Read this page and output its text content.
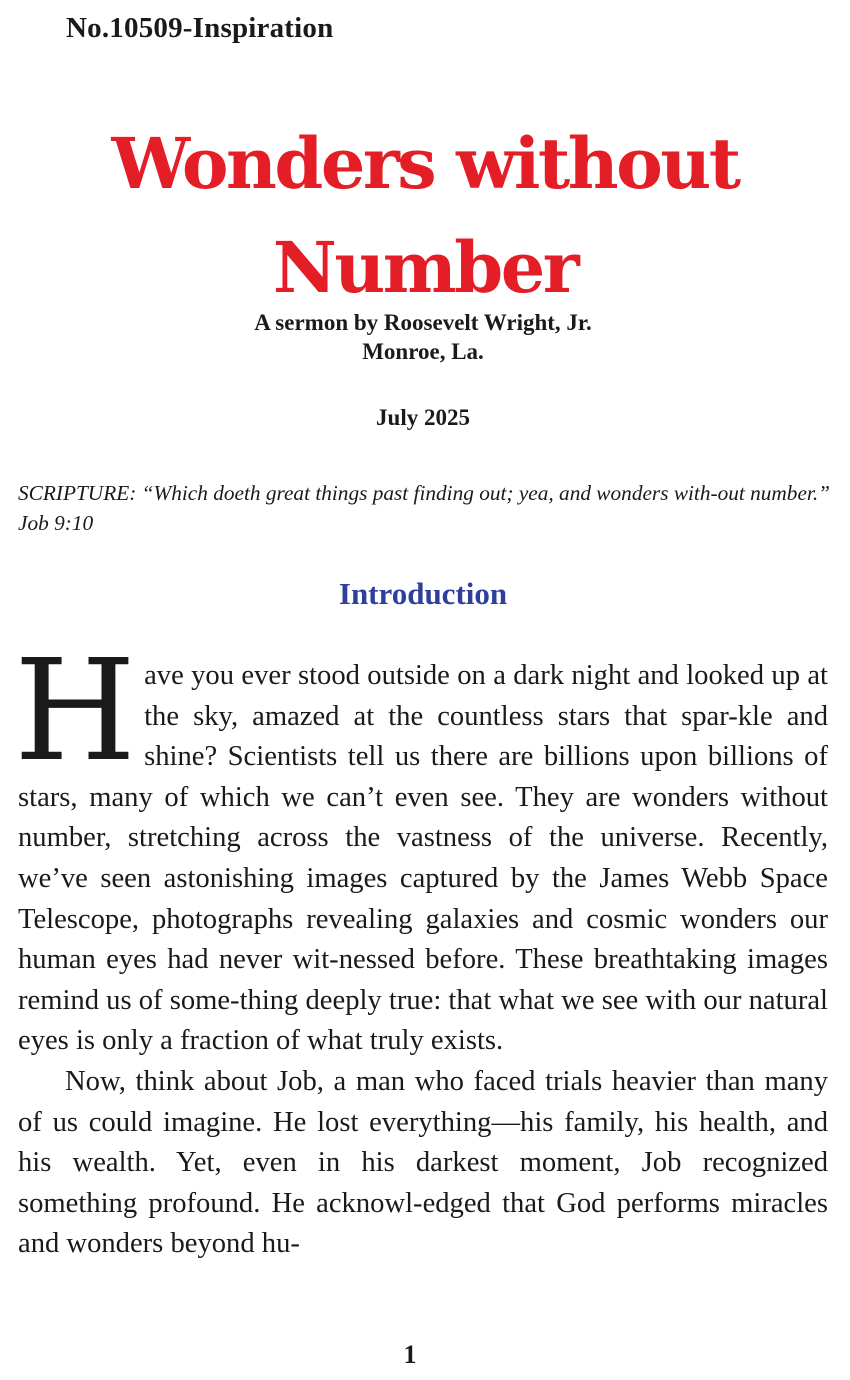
No.10509-Inspiration
Wonders without
Number
A sermon by Roosevelt Wright, Jr.
Monroe, La.
July 2025
SCRIPTURE: “Which doeth great things past finding out; yea, and wonders with-out number.” Job 9:10
Introduction

Have you ever stood outside on a dark night and looked up at the sky, amazed at the countless stars that spar-kle and shine? Scientists tell us there are billions upon billions of stars, many of which we can’t even see. They are wonders without number, stretching across the vastness of the universe. Recently, we’ve seen astonishing images captured by the James Webb Space Telescope, photographs revealing galaxies and cosmic wonders our human eyes had never wit-nessed before. These breathtaking images remind us of some-thing deeply true: that what we see with our natural eyes is only a fraction of what truly exists.

Now, think about Job, a man who faced trials heavier than many of us could imagine. He lost everything—his family, his health, and his wealth. Yet, even in his darkest moment, Job recognized something profound. He acknowl-edged that God performs miracles and wonders beyond hu-

1
